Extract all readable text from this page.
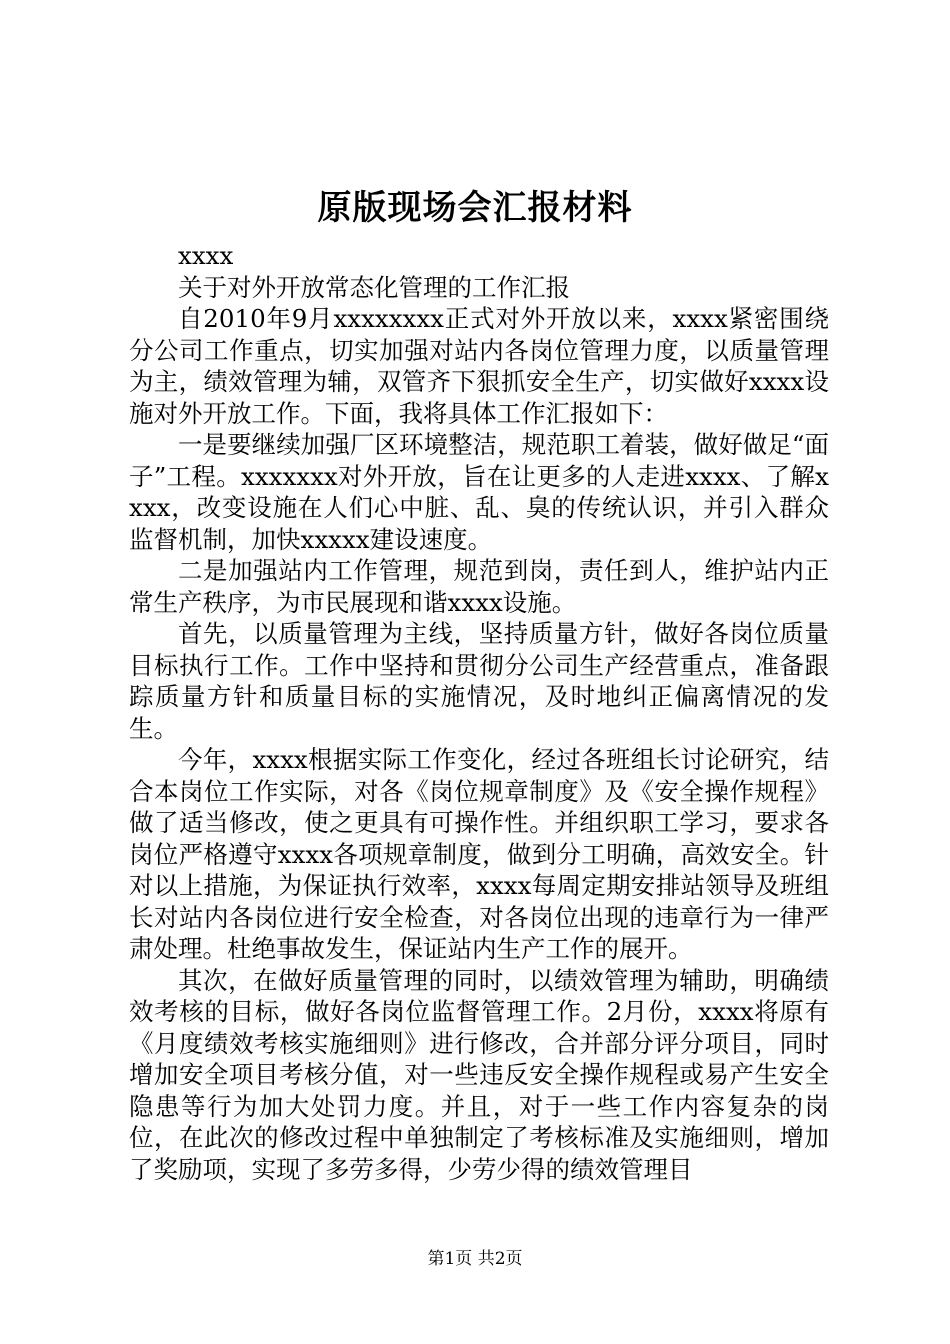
原版现场会汇报材料

xxxx

关于对外开放常态化管理的工作汇报

自2010年9月xxxxxxxx正式对外开放以来，xxxx紧密围绕分公司工作重点，切实加强对站内各岗位管理力度，以质量管理为主，绩效管理为辅，双管齐下狠抓安全生产，切实做好xxxx设施对外开放工作。下面，我将具体工作汇报如下：

一是要继续加强厂区环境整洁，规范职工着装，做好做足“面子”工程。xxxxxxx对外开放，旨在让更多的人走进xxxx、了解xxxx，改变设施在人们心中脏、乱、臭的传统认识，并引入群众监督机制，加快xxxxx建设速度。

二是加强站内工作管理，规范到岗，责任到人，维护站内正常生产秩序，为市民展现和谐xxxx设施。

首先，以质量管理为主线，坚持质量方针，做好各岗位质量目标执行工作。工作中坚持和贯彻分公司生产经营重点，准备跟踪质量方针和质量目标的实施情况，及时地纠正偏离情况的发生。

今年，xxxx根据实际工作变化，经过各班组长讨论研究，结合本岗位工作实际，对各《岗位规章制度》及《安全操作规程》做了适当修改，使之更具有可操作性。并组织职工学习，要求各岗位严格遵守xxxx各项规章制度，做到分工明确，高效安全。针对以上措施，为保证执行效率，xxxx每周定期安排站领导及班组长对站内各岗位进行安全检查，对各岗位出现的违章行为一律严肃处理。杜绝事故发生，保证站内生产工作的展开。

其次，在做好质量管理的同时，以绩效管理为辅助，明确绩效考核的目标，做好各岗位监督管理工作。2月份，xxxx将原有《月度绩效考核实施细则》进行修改，合并部分评分项目，同时增加安全项目考核分值，对一些违反安全操作规程或易产生安全隐患等行为加大处罚力度。并且，对于一些工作内容复杂的岗位，在此次的修改过程中单独制定了考核标准及实施细则，增加了奖励项，实现了多劳多得，少劳少得的绩效管理目

第1页 共2页
